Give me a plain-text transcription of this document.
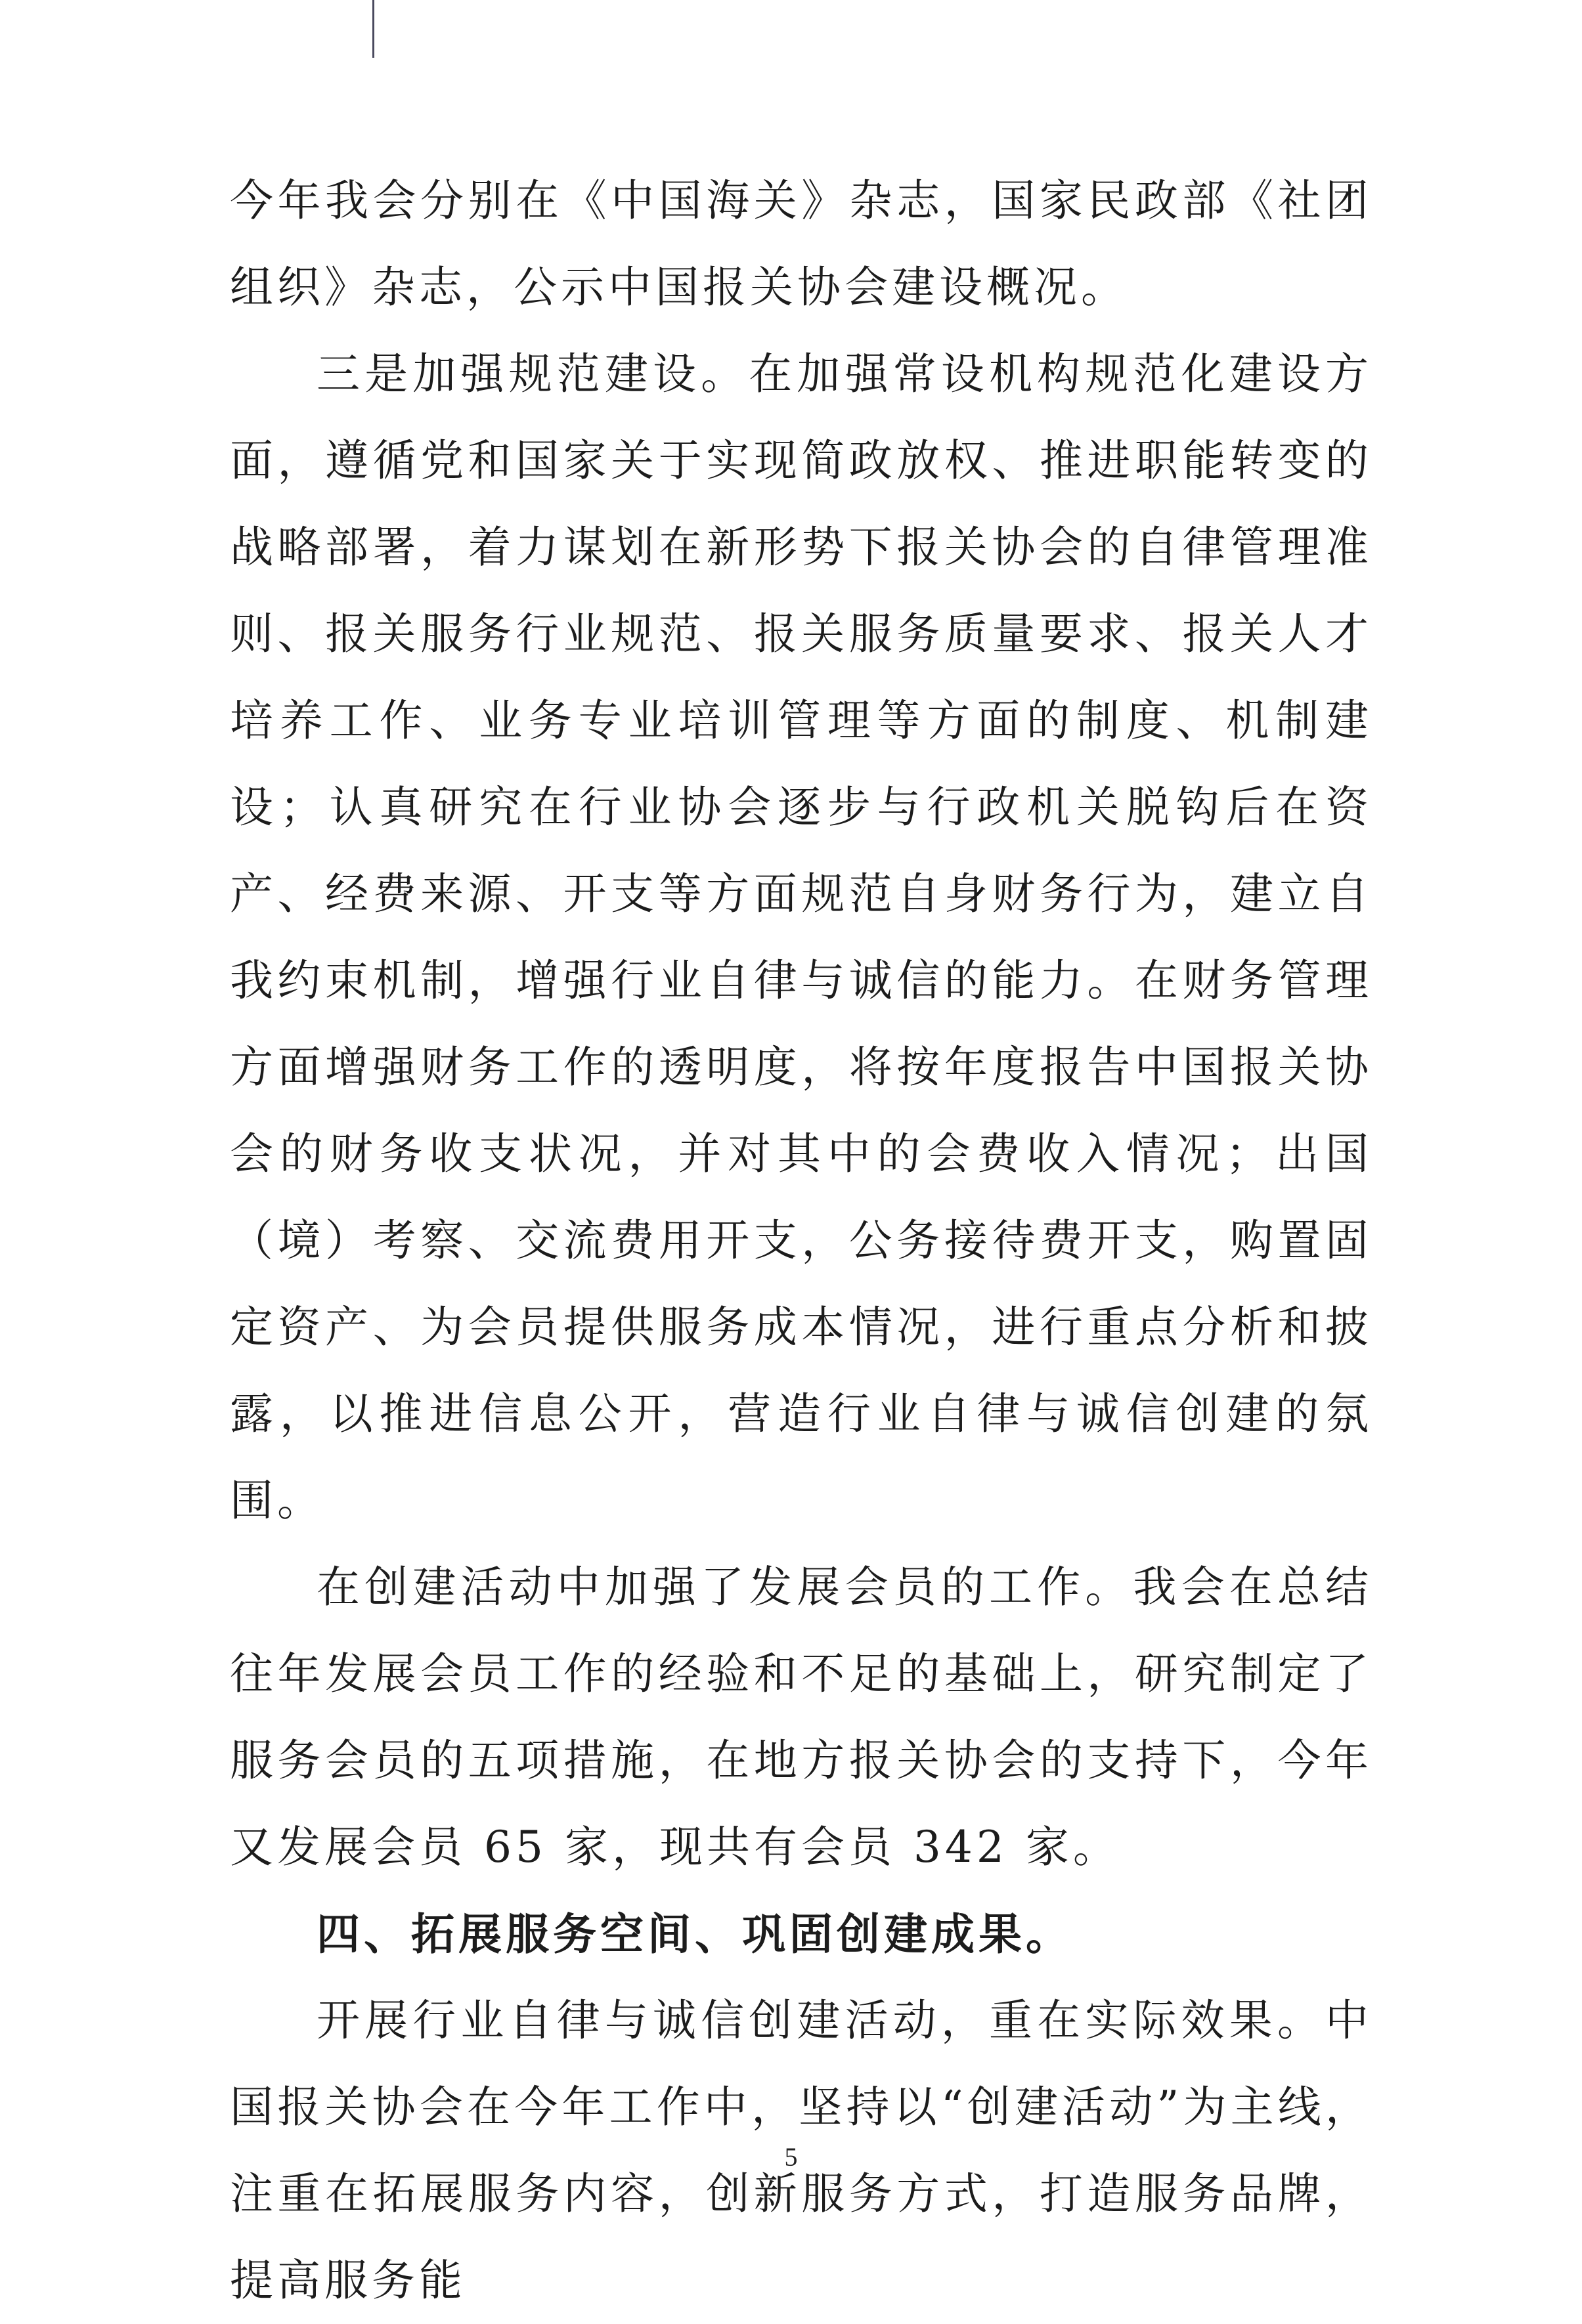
今年我会分别在《中国海关》杂志，国家民政部《社团组织》杂志，公示中国报关协会建设概况。

三是加强规范建设。在加强常设机构规范化建设方面，遵循党和国家关于实现简政放权、推进职能转变的战略部署，着力谋划在新形势下报关协会的自律管理准则、报关服务行业规范、报关服务质量要求、报关人才培养工作、业务专业培训管理等方面的制度、机制建设；认真研究在行业协会逐步与行政机关脱钩后在资产、经费来源、开支等方面规范自身财务行为，建立自我约束机制，增强行业自律与诚信的能力。在财务管理方面增强财务工作的透明度，将按年度报告中国报关协会的财务收支状况，并对其中的会费收入情况；出国（境）考察、交流费用开支，公务接待费开支，购置固定资产、为会员提供服务成本情况，进行重点分析和披露，以推进信息公开，营造行业自律与诚信创建的氛围。

在创建活动中加强了发展会员的工作。我会在总结往年发展会员工作的经验和不足的基础上，研究制定了服务会员的五项措施，在地方报关协会的支持下，今年又发展会员 65 家，现共有会员 342 家。

四、拓展服务空间、巩固创建成果。

开展行业自律与诚信创建活动，重在实际效果。中国报关协会在今年工作中，坚持以“创建活动”为主线，注重在拓展服务内容，创新服务方式，打造服务品牌，提高服务能

5
